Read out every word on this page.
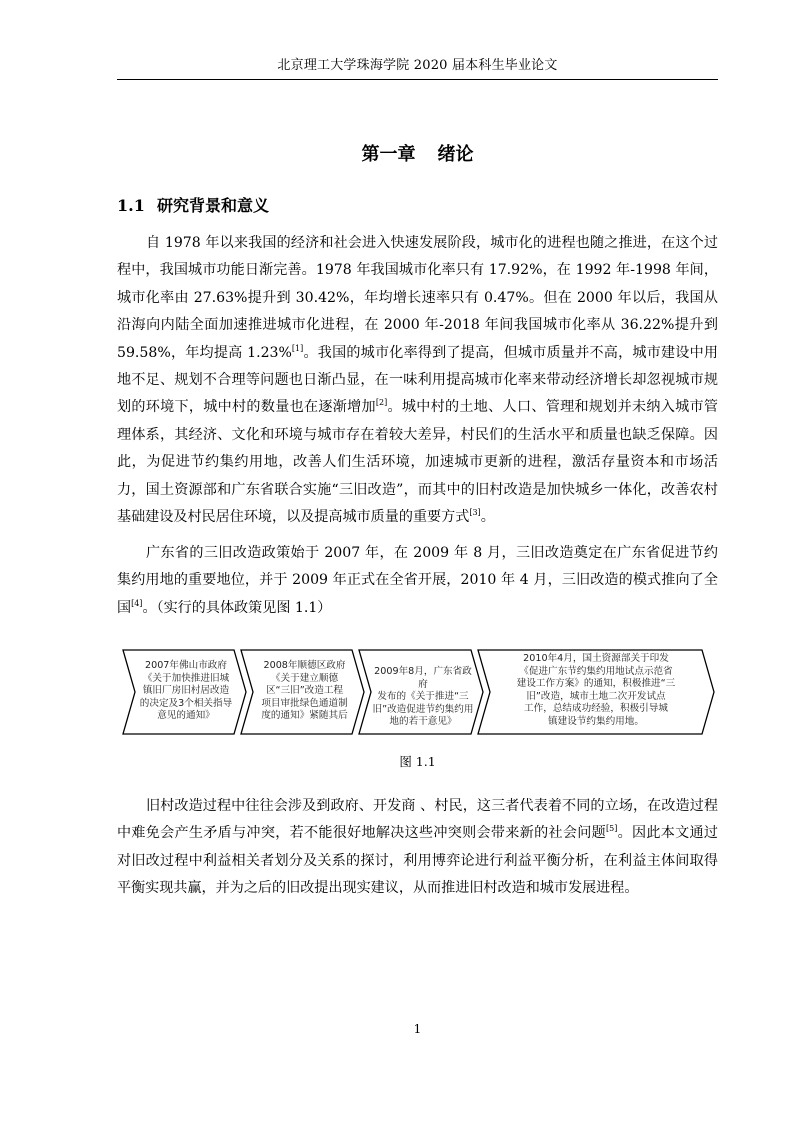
北京理工大学珠海学院 2020 届本科生毕业论文
第一章 绪论
1.1 研究背景和意义

自 1978 年以来我国的经济和社会进入快速发展阶段，城市化的进程也随之推进，在这个过程中，我国城市功能日渐完善。1978 年我国城市化率只有 17.92%，在 1992 年-1998 年间，城市化率由 27.63%提升到 30.42%，年均增长速率只有 0.47%。但在 2000 年以后，我国从沿海向内陆全面加速推进城市化进程，在 2000 年-2018 年间我国城市化率从 36.22%提升到 59.58%，年均提高 1.23%[1]。我国的城市化率得到了提高，但城市质量并不高，城市建设中用地不足、规划不合理等问题也日渐凸显，在一味利用提高城市化率来带动经济增长却忽视城市规划的环境下，城中村的数量也在逐渐增加[2]。城中村的土地、人口、管理和规划并未纳入城市管理体系，其经济、文化和环境与城市存在着较大差异，村民们的生活水平和质量也缺乏保障。因此，为促进节约集约用地，改善人们生活环境，加速城市更新的进程，激活存量资本和市场活力，国土资源部和广东省联合实施“三旧改造”，而其中的旧村改造是加快城乡一体化，改善农村基础建设及村民居住环境，以及提高城市质量的重要方式[3]。

广东省的三旧改造政策始于 2007 年，在 2009 年 8 月，三旧改造奠定在广东省促进节约集约用地的重要地位，并于 2009 年正式在全省开展，2010 年 4 月，三旧改造的模式推向了全国[4]。（实行的具体政策见图 1.1）

2007年佛山市政府
《关于加快推进旧城
镇旧厂房旧村居改造
的决定及3个相关指导
意见的通知》
2008年顺德区政府
《关于建立顺德
区“三旧”改造工程
项目审批绿色通道制
度的通知》紧随其后
2009年8月，广东省政府
发布的《关于推进“三
旧”改造促进节约集约用
地的若干意见》
2010年4月，国土资源部关于印发
《促进广东节约集约用地试点示范省
建设工作方案》的通知，积极推进“三
旧”改造，城市土地二次开发试点
工作，总结成功经验，积极引导城
镇建设节约集约用地。
图 1.1

旧村改造过程中往往会涉及到政府、开发商 、村民，这三者代表着不同的立场，在改造过程中难免会产生矛盾与冲突，若不能很好地解决这些冲突则会带来新的社会问题[5]。因此本文通过对旧改过程中利益相关者划分及关系的探讨，利用博弈论进行利益平衡分析，在利益主体间取得平衡实现共赢，并为之后的旧改提出现实建议，从而推进旧村改造和城市发展进程。

1
